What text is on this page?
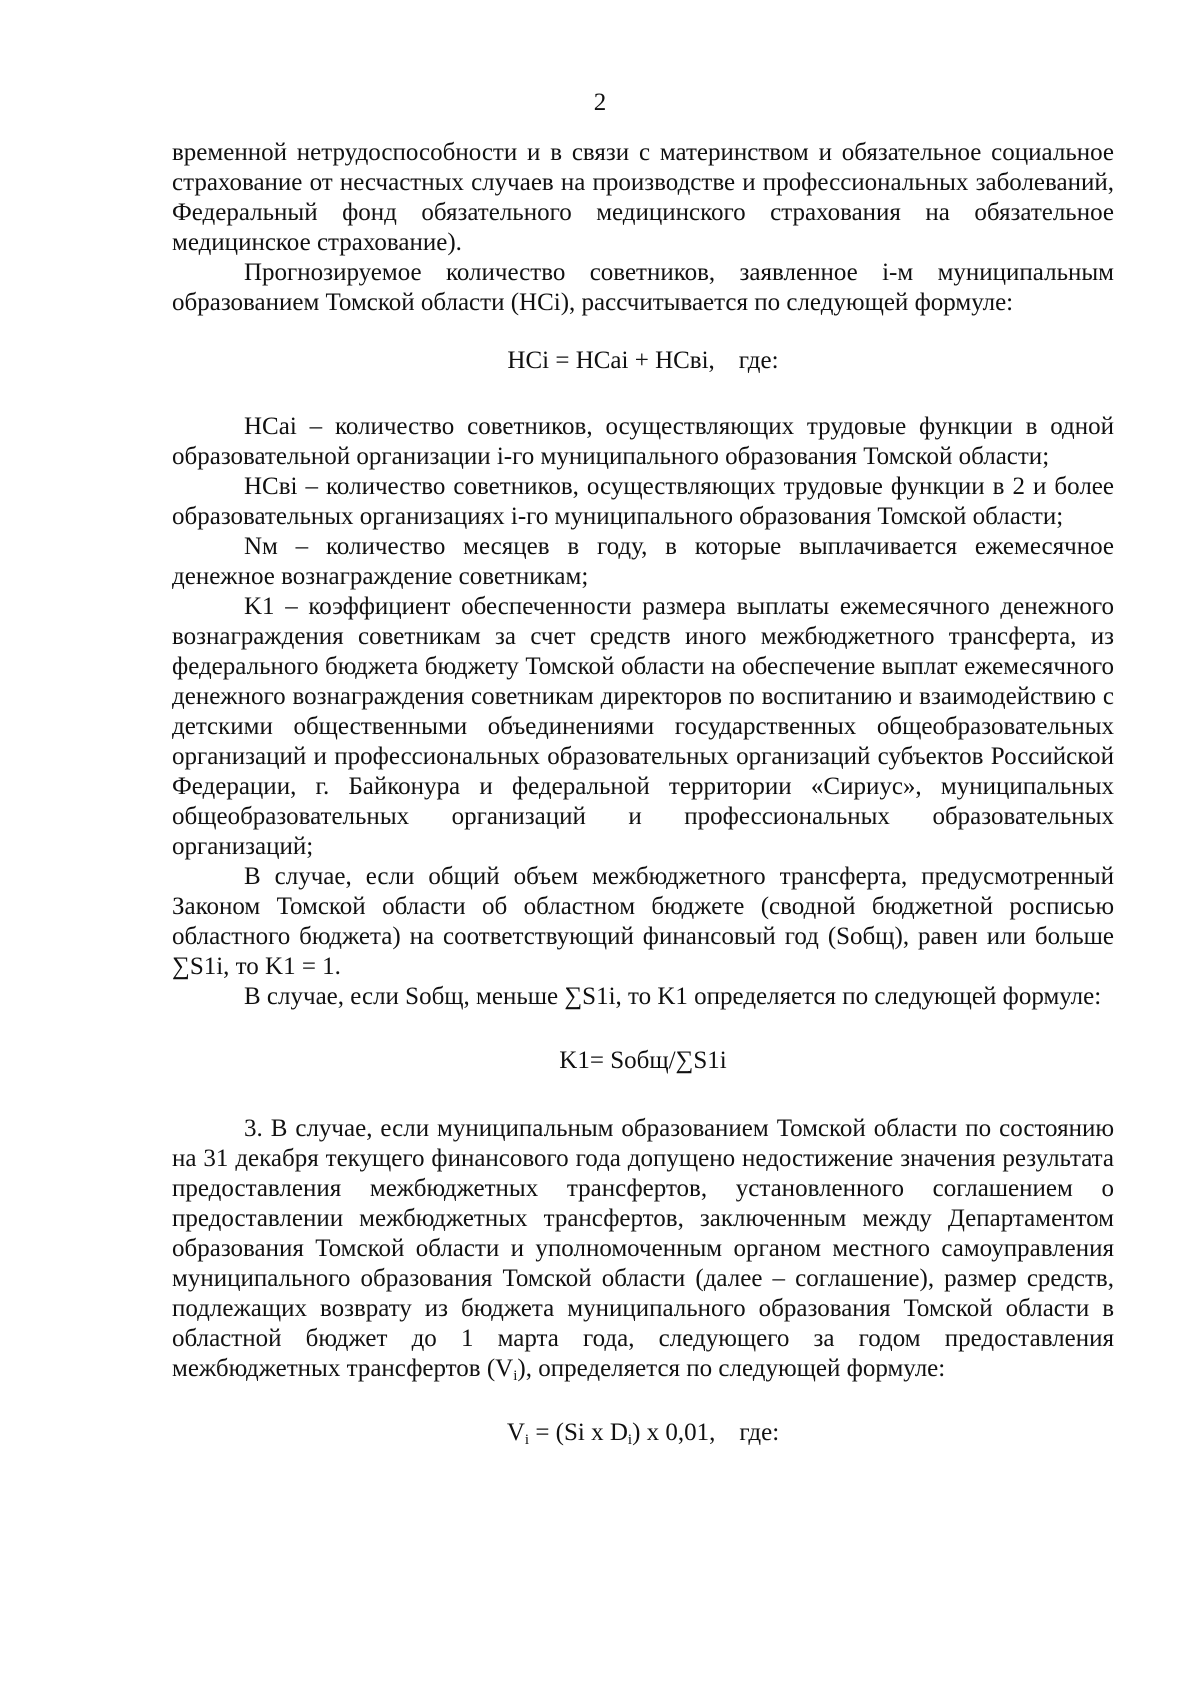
2

временной нетрудоспособности и в связи с материнством и обязательное социальное страхование от несчастных случаев на производстве и профессиональных заболеваний, Федеральный фонд обязательного медицинского страхования на обязательное медицинское страхование).

Прогнозируемое количество советников, заявленное i-м муниципальным образованием Томской области (НСi), рассчитывается по следующей формуле:

НСi = НСаi + НСвi, где:

НСаi – количество советников, осуществляющих трудовые функции в одной образовательной организации i-го муниципального образования Томской области;

НСвi – количество советников, осуществляющих трудовые функции в 2 и более образовательных организациях i-го муниципального образования Томской области;

Nм – количество месяцев в году, в которые выплачивается ежемесячное денежное вознаграждение советникам;

K1 – коэффициент обеспеченности размера выплаты ежемесячного денежного вознаграждения советникам за счет средств иного межбюджетного трансферта, из федерального бюджета бюджету Томской области на обеспечение выплат ежемесячного денежного вознаграждения советникам директоров по воспитанию и взаимодействию с детскими общественными объединениями государственных общеобразовательных организаций и профессиональных образовательных организаций субъектов Российской Федерации, г. Байконура и федеральной территории «Сириус», муниципальных общеобразовательных организаций и профессиональных образовательных организаций;

В случае, если общий объем межбюджетного трансферта, предусмотренный Законом Томской области об областном бюджете (сводной бюджетной росписью областного бюджета) на соответствующий финансовый год (Sобщ), равен или больше ∑S1i, то K1 = 1.

В случае, если Sобщ, меньше ∑S1i, то K1 определяется по следующей формуле:

K1= Sобщ/∑S1i

3. В случае, если муниципальным образованием Томской области по состоянию на 31 декабря текущего финансового года допущено недостижение значения результата предоставления межбюджетных трансфертов, установленного соглашением о предоставлении межбюджетных трансфертов, заключенным между Департаментом образования Томской области и уполномоченным органом местного самоуправления муниципального образования Томской области (далее – соглашение), размер средств, подлежащих возврату из бюджета муниципального образования Томской области в областной бюджет до 1 марта года, следующего за годом предоставления межбюджетных трансфертов $(V_i)$, определяется по следующей формуле:

$V_i = (Si$ x $D_i$) x 0,01, где:
